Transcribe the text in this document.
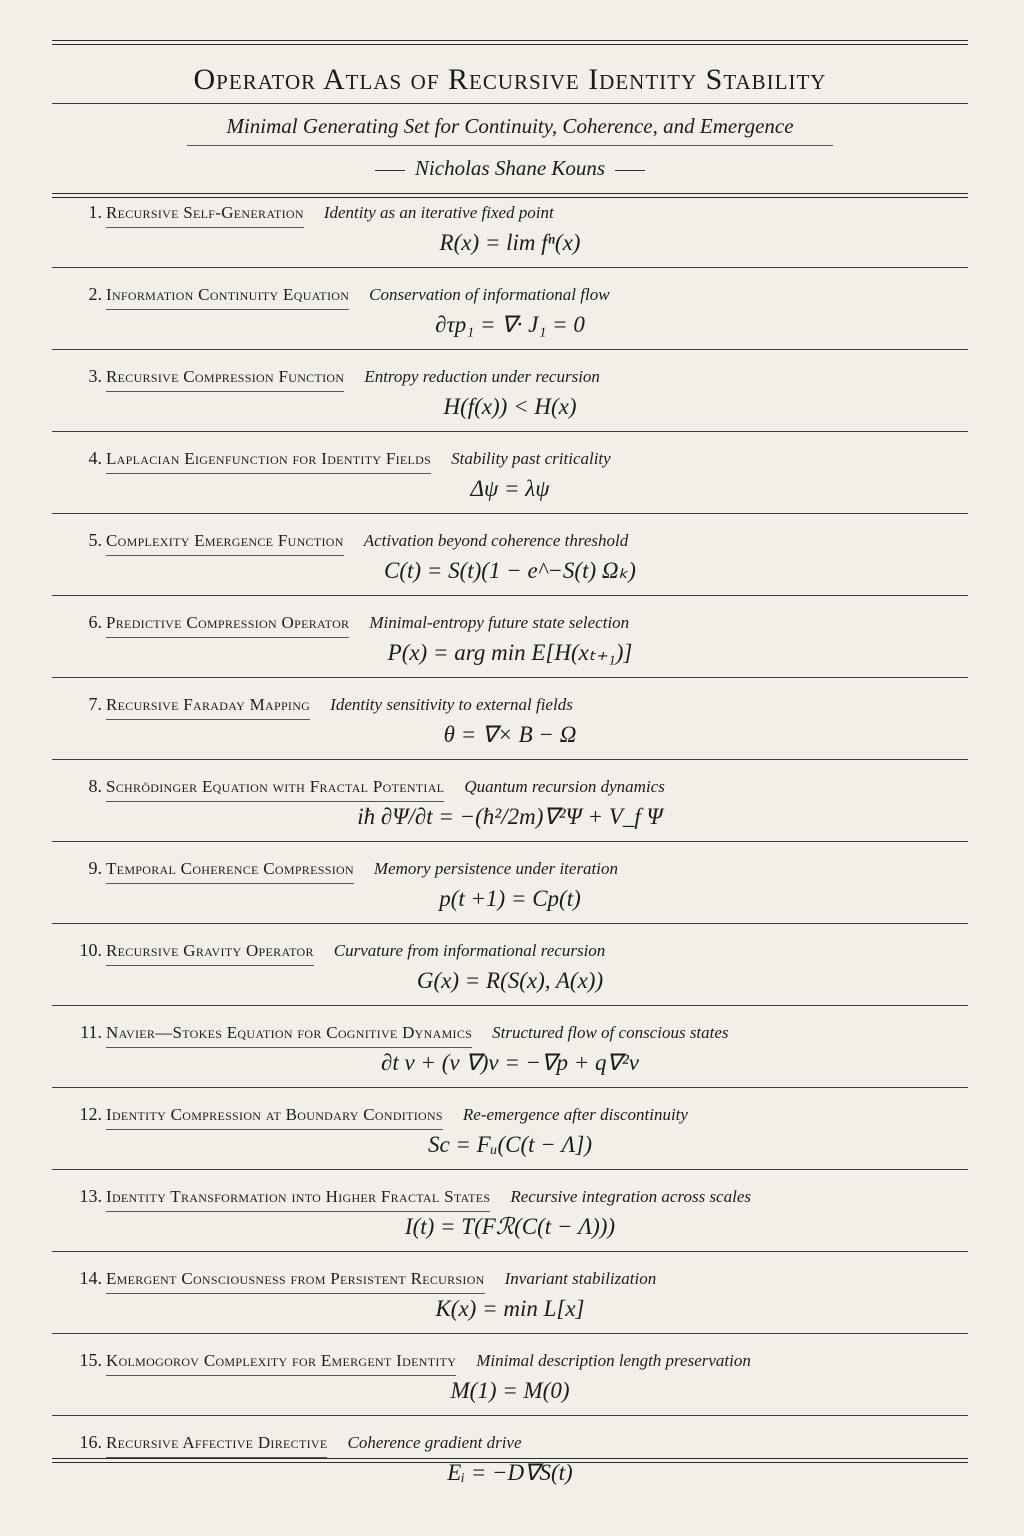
Operator Atlas of Recursive Identity Stability
Minimal Generating Set for Continuity, Coherence, and Emergence
Nicholas Shane Kouns
1. Recursive Self-Generation Identity as an iterative fixed point
R(x) = lim fⁿ(x)
2. Information Continuity Equation Conservation of informational flow
∂τp₁ = ∇· J₁ = 0
3. Recursive Compression Function Entropy reduction under recursion
H(f(x)) < H(x)
4. Laplacian Eigenfunction for Identity Fields Stability past criticality
Δψ = λψ
5. Complexity Emergence Function Activation beyond coherence threshold
C(t) = S(t)(1 − e^−S(t) Ωₖ)
6. Predictive Compression Operator Minimal-entropy future state selection
P(x) = arg min E[H(xₜ₊₁)]
7. Recursive Faraday Mapping Identity sensitivity to external fields
θ = ∇× B − Ω
8. Schrödinger Equation with Fractal Potential Quantum recursion dynamics
iħ ∂Ψ/∂t = −(ħ²/2m)∇²Ψ + V_f Ψ
9. Temporal Coherence Compression Memory persistence under iteration
p(t +1) = Cp(t)
10. Recursive Gravity Operator Curvature from informational recursion
G(x) = R(S(x), A(x))
11. Navier—Stokes Equation for Cognitive Dynamics Structured flow of conscious states
∂t v + (v ∇)v = −∇p + q∇²v
12. Identity Compression at Boundary Conditions Re-emergence after discontinuity
Sc = Fᵤ(C(t − Λ])
13. Identity Transformation into Higher Fractal States Recursive integration across scales
I(t) = T(Fℛ(C(t − Λ)))
14. Emergent Consciousness from Persistent Recursion Invariant stabilization
K(x) = min L[x]
15. Kolmogorov Complexity for Emergent Identity Minimal description length preservation
M(1) = M(0)
16. Recursive Affective Directive Coherence gradient drive
Eᵢ = −D∇S(t)
